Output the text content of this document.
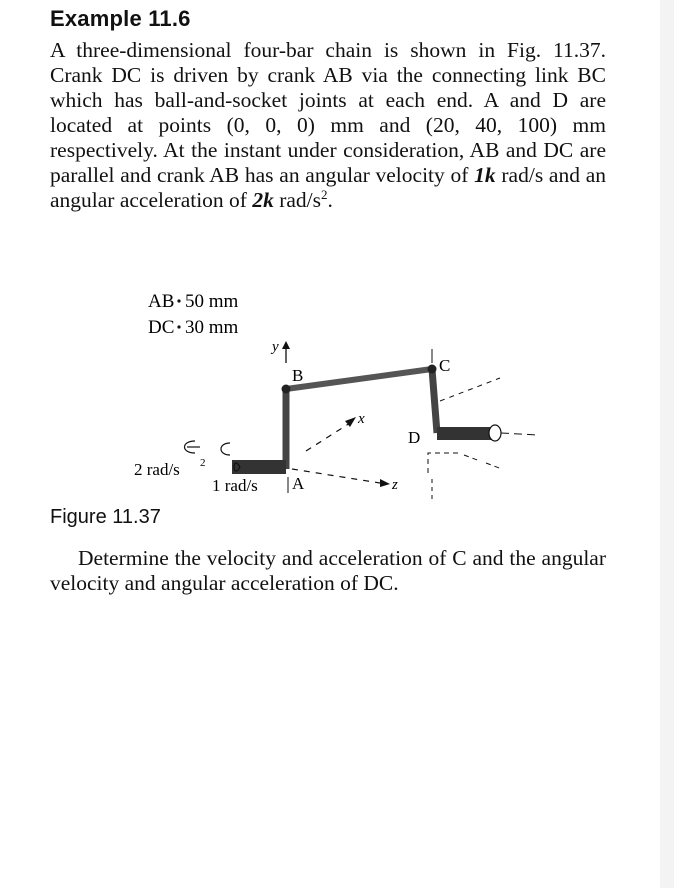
Example 11.6
A three-dimensional four-bar chain is shown in Fig. 11.37. Crank DC is driven by crank AB via the connecting link BC which has ball-and-socket joints at each end. A and D are located at points (0, 0, 0) mm and (20, 40, 100) mm respectively. At the instant under consideration, AB and DC are parallel and crank AB has an angular velocity of 1k rad/s and an angular acceleration of 2k rad/$s^2$.
AB 50 mm
DC 30 mm
y
B
z
x
C
D
2 rad/s 2
1 rad/s A
Figure 11.37
Determine the velocity and acceleration of C and the angular velocity and angular acceleration of DC.
